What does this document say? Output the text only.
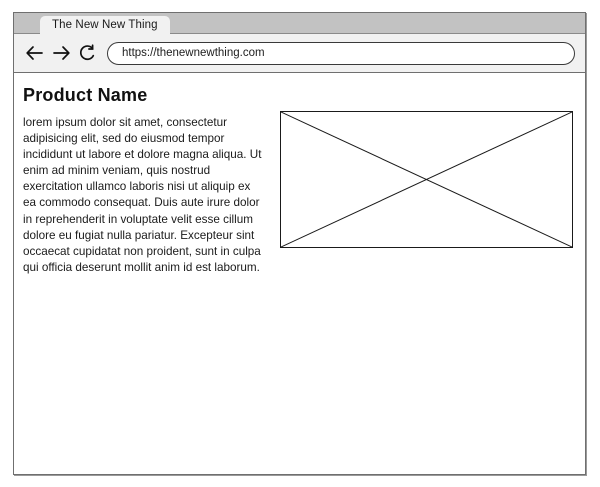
The New New Thing
https://thenewnewthing.com
Product Name
lorem ipsum dolor sit amet, consectetur adipisicing elit, sed do eiusmod tempor incididunt ut labore et dolore magna aliqua. Ut enim ad minim veniam, quis nostrud exercitation ullamco laboris nisi ut aliquip ex ea commodo consequat. Duis aute irure dolor in reprehenderit in voluptate velit esse cillum dolore eu fugiat nulla pariatur. Excepteur sint occaecat cupidatat non proident, sunt in culpa qui officia deserunt mollit anim id est laborum.
